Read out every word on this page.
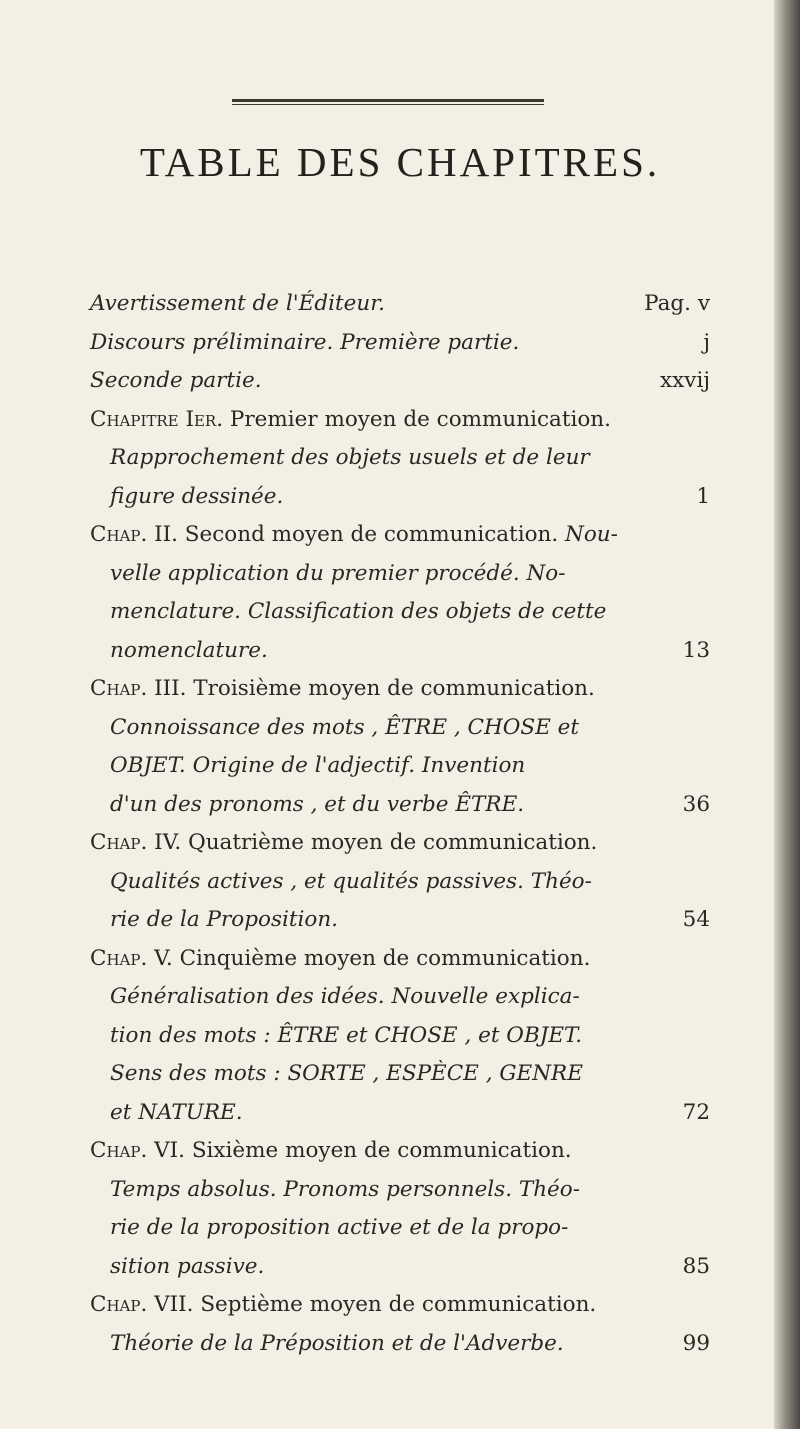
TABLE DES CHAPITRES.
Avertissement de l'Éditeur.	Pag. v
Discours préliminaire. Première partie.	j
Seconde partie.	xxvij
Chapitre Ier. Premier moyen de communication.
Rapprochement des objets usuels et de leur
figure dessinée.	1
Chap. II. Second moyen de communication. Nou-
velle application du premier procédé. No-
menclature. Classification des objets de cette
nomenclature.	13
Chap. III. Troisième moyen de communication.
Connoissance des mots , ÊTRE , CHOSE et
OBJET. Origine de l'adjectif. Invention
d'un des pronoms , et du verbe ÊTRE.	36
Chap. IV. Quatrième moyen de communication.
Qualités actives , et qualités passives. Théo-
rie de la Proposition.	54
Chap. V. Cinquième moyen de communication.
Généralisation des idées. Nouvelle explica-
tion des mots : ÊTRE et CHOSE , et OBJET.
Sens des mots : SORTE , ESPÈCE , GENRE
et NATURE.	72
Chap. VI. Sixième moyen de communication.
Temps absolus. Pronoms personnels. Théo-
rie de la proposition active et de la propo-
sition passive.	85
Chap. VII. Septième moyen de communication.
Théorie de la Préposition et de l'Adverbe.	99
